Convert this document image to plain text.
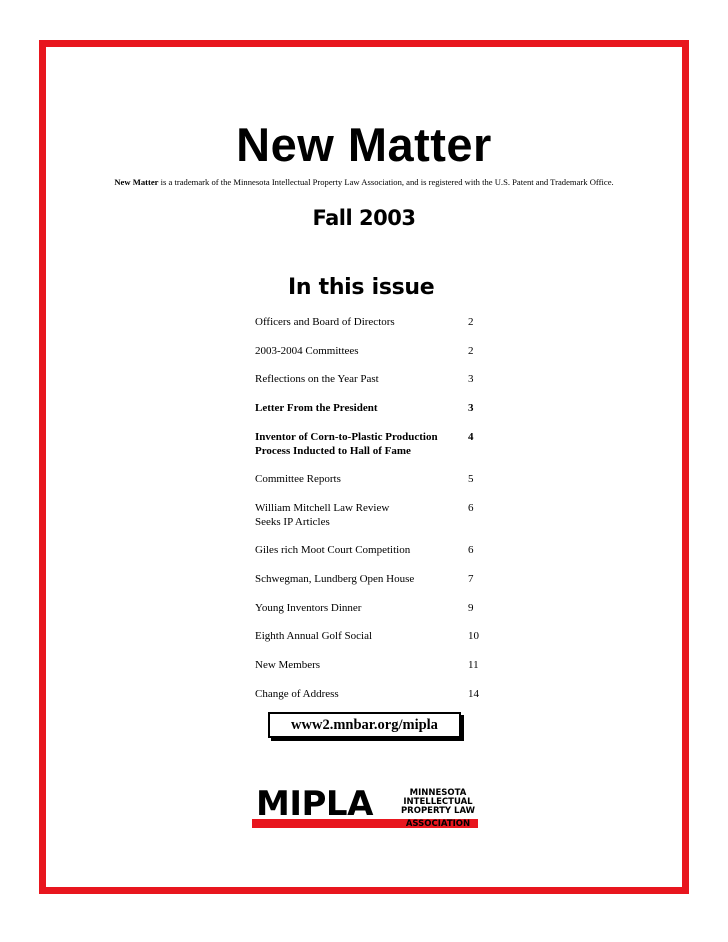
New Matter
New Matter is a trademark of the Minnesota Intellectual Property Law Association, and is registered with the U.S. Patent and Trademark Office.
Fall 2003
In this issue
Officers and Board of Directors	2
2003-2004 Committees	2
Reflections on the Year Past	3
Letter From the President	3
Inventor of Corn-to-Plastic Production
Process Inducted to Hall of Fame
4
Committee Reports	5
William Mitchell Law Review
Seeks IP Articles
6
Giles rich Moot Court Competition	6
Schwegman, Lundberg Open House	7
Young Inventors Dinner	9
Eighth Annual Golf Social	10
New Members	11
Change of Address	14
www2.mnbar.org/mipla
MIPLA	MINNESOTA
INTELLECTUAL
PROPERTY LAW
ASSOCIATION
